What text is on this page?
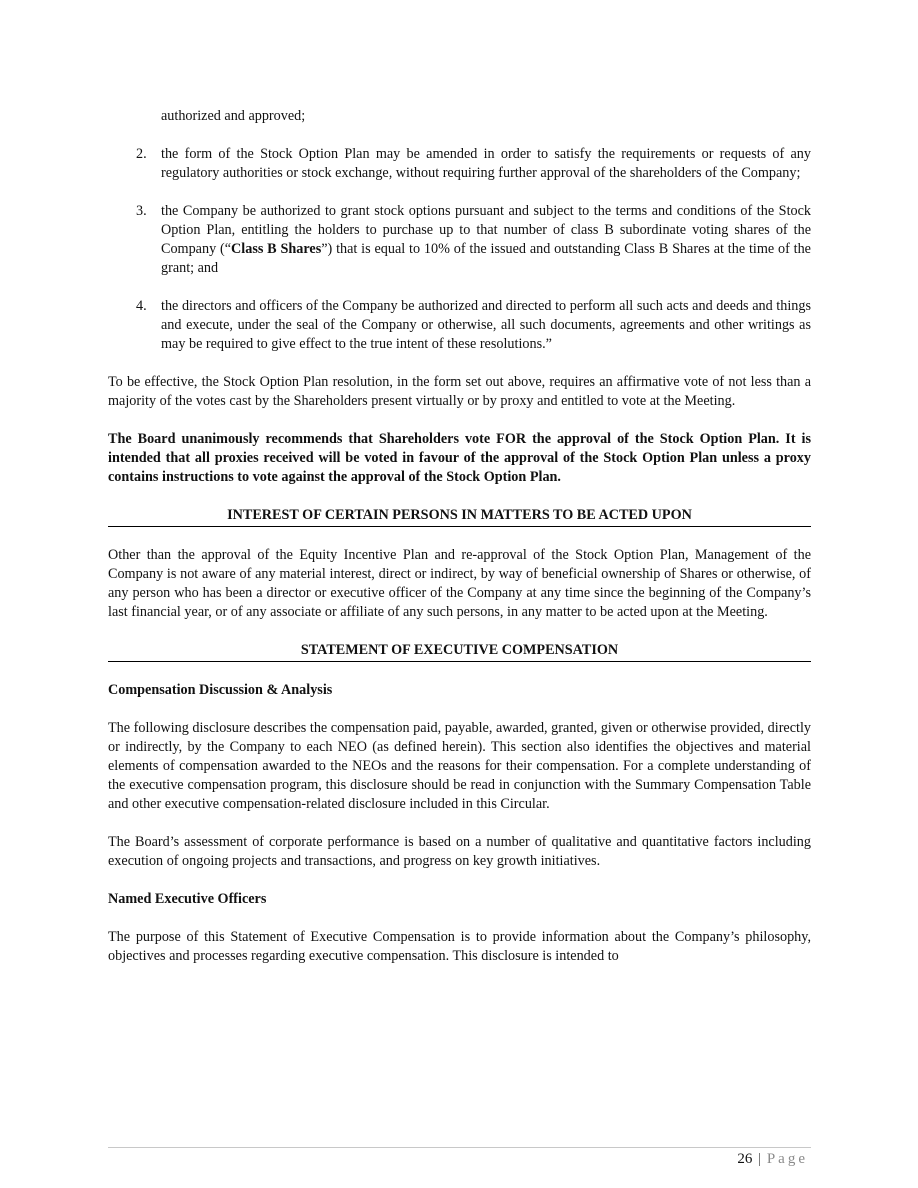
authorized and approved;
2.	the form of the Stock Option Plan may be amended in order to satisfy the requirements or requests of any regulatory authorities or stock exchange, without requiring further approval of the shareholders of the Company;
3.	the Company be authorized to grant stock options pursuant and subject to the terms and conditions of the Stock Option Plan, entitling the holders to purchase up to that number of class B subordinate voting shares of the Company (“Class B Shares”) that is equal to 10% of the issued and outstanding Class B Shares at the time of the grant; and
4.	the directors and officers of the Company be authorized and directed to perform all such acts and deeds and things and execute, under the seal of the Company or otherwise, all such documents, agreements and other writings as may be required to give effect to the true intent of these resolutions.”

To be effective, the Stock Option Plan resolution, in the form set out above, requires an affirmative vote of not less than a majority of the votes cast by the Shareholders present virtually or by proxy and entitled to vote at the Meeting.

The Board unanimously recommends that Shareholders vote FOR the approval of the Stock Option Plan. It is intended that all proxies received will be voted in favour of the approval of the Stock Option Plan unless a proxy contains instructions to vote against the approval of the Stock Option Plan.

INTEREST OF CERTAIN PERSONS IN MATTERS TO BE ACTED UPON

Other than the approval of the Equity Incentive Plan and re-approval of the Stock Option Plan, Management of the Company is not aware of any material interest, direct or indirect, by way of beneficial ownership of Shares or otherwise, of any person who has been a director or executive officer of the Company at any time since the beginning of the Company’s last financial year, or of any associate or affiliate of any such persons, in any matter to be acted upon at the Meeting.

STATEMENT OF EXECUTIVE COMPENSATION
Compensation Discussion & Analysis

The following disclosure describes the compensation paid, payable, awarded, granted, given or otherwise provided, directly or indirectly, by the Company to each NEO (as defined herein). This section also identifies the objectives and material elements of compensation awarded to the NEOs and the reasons for their compensation. For a complete understanding of the executive compensation program, this disclosure should be read in conjunction with the Summary Compensation Table and other executive compensation-related disclosure included in this Circular.

The Board’s assessment of corporate performance is based on a number of qualitative and quantitative factors including execution of ongoing projects and transactions, and progress on key growth initiatives.

Named Executive Officers

The purpose of this Statement of Executive Compensation is to provide information about the Company’s philosophy, objectives and processes regarding executive compensation. This disclosure is intended to

26 | Page
